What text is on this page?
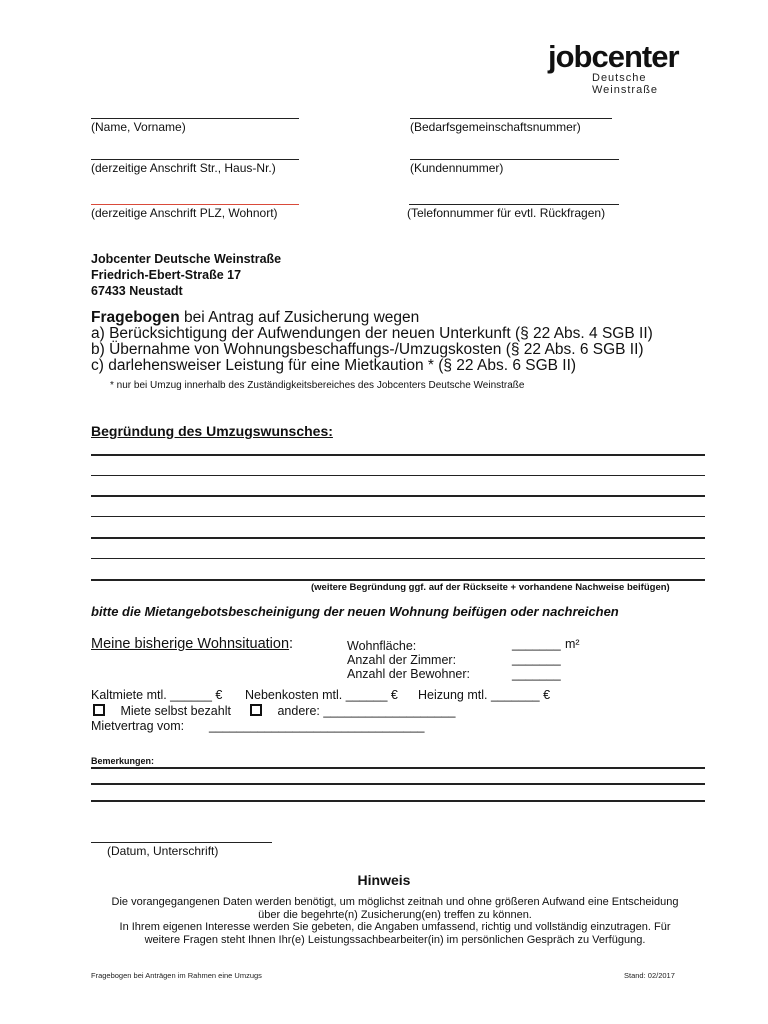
jobcenter
Deutsche Weinstraße
(Name, Vorname)	(Bedarfsgemeinschaftsnummer)
(derzeitige Anschrift Str., Haus-Nr.)	(Kundennummer)
(derzeitige Anschrift PLZ, Wohnort)	(Telefonnummer für evtl. Rückfragen)
Jobcenter Deutsche Weinstraße
Friedrich-Ebert-Straße 17
67433 Neustadt
Fragebogen bei Antrag auf Zusicherung wegen
a) Berücksichtigung der Aufwendungen der neuen Unterkunft (§ 22 Abs. 4 SGB II)
b) Übernahme von Wohnungsbeschaffungs-/Umzugskosten (§ 22 Abs. 6 SGB II)
c) darlehensweiser Leistung für eine Mietkaution * (§ 22 Abs. 6 SGB II)
* nur bei Umzug innerhalb des Zuständigkeitsbereiches des Jobcenters Deutsche Weinstraße
Begründung des Umzugswunsches:
(weitere Begründung ggf. auf der Rückseite + vorhandene Nachweise beifügen)
bitte die Mietangebotsbescheinigung der neuen Wohnung beifügen oder nachreichen
Meine bisherige Wohnsituation:	Wohnfläche:	_______ m²
Anzahl der Zimmer:	_______
Anzahl der Bewohner:	_______
Kaltmiete mtl. ______ € Nebenkosten mtl. ______ € Heizung mtl. _______ €
Miete selbst bezahlt	andere: ___________________
Mietvertrag vom: _______________________________
Bemerkungen:
(Datum, Unterschrift)
Hinweis
Die vorangegangenen Daten werden benötigt, um möglichst zeitnah und ohne größeren Aufwand eine Entscheidung
über die begehrte(n) Zusicherung(en) treffen zu können.
In Ihrem eigenen Interesse werden Sie gebeten, die Angaben umfassend, richtig und vollständig einzutragen. Für
weitere Fragen steht Ihnen Ihr(e) Leistungssachbearbeiter(in) im persönlichen Gespräch zu Verfügung.
Fragebogen bei Anträgen im Rahmen eine Umzugs	Stand: 02/2017
